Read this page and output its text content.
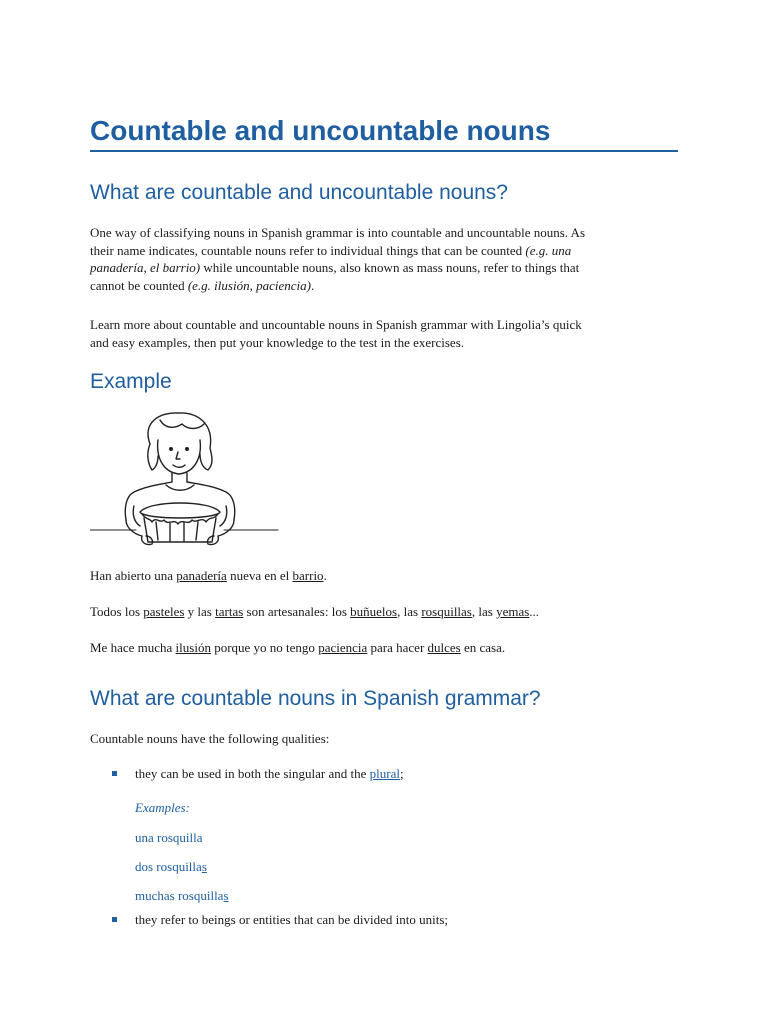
Countable and uncountable nouns
What are countable and uncountable nouns?

One way of classifying nouns in Spanish grammar is into countable and uncountable nouns. As
their name indicates, countable nouns refer to individual things that can be counted (e.g. una
panadería, el barrio) while uncountable nouns, also known as mass nouns, refer to things that
cannot be counted (e.g. ilusión, paciencia).

Learn more about countable and uncountable nouns in Spanish grammar with Lingolia’s quick
and easy examples, then put your knowledge to the test in the exercises.

Example

Han abierto una panadería nueva en el barrio.

Todos los pasteles y las tartas son artesanales: los buñuelos, las rosquillas, las yemas...

Me hace mucha ilusión porque yo no tengo paciencia para hacer dulces en casa.

What are countable nouns in Spanish grammar?

Countable nouns have the following qualities:

they can be used in both the singular and the plural;
Examples:
una rosquilla
dos rosquillas
muchas rosquillas
they refer to beings or entities that can be divided into units;
